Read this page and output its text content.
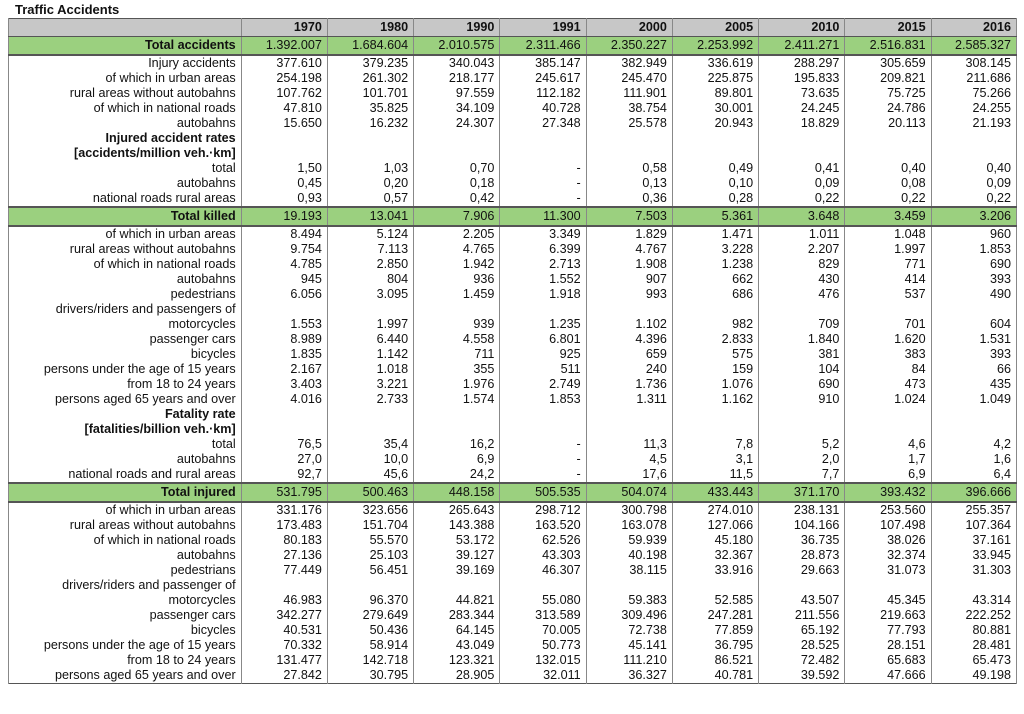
Traffic Accidents
	1970	1980	1990	1991	2000	2005	2010	2015	2016
Total accidents	1.392.007	1.684.604	2.010.575	2.311.466	2.350.227	2.253.992	2.411.271	2.516.831	2.585.327
Injury accidents	377.610	379.235	340.043	385.147	382.949	336.619	288.297	305.659	308.145
of which in urban areas	254.198	261.302	218.177	245.617	245.470	225.875	195.833	209.821	211.686
rural areas without autobahns	107.762	101.701	97.559	112.182	111.901	89.801	73.635	75.725	75.266
of which in national roads	47.810	35.825	34.109	40.728	38.754	30.001	24.245	24.786	24.255
autobahns	15.650	16.232	24.307	27.348	25.578	20.943	18.829	20.113	21.193
Injured accident rates									
[accidents/million veh.·km]									
total	1,50	1,03	0,70	-	0,58	0,49	0,41	0,40	0,40
autobahns	0,45	0,20	0,18	-	0,13	0,10	0,09	0,08	0,09
national roads rural areas	0,93	0,57	0,42	-	0,36	0,28	0,22	0,22	0,22
Total killed	19.193	13.041	7.906	11.300	7.503	5.361	3.648	3.459	3.206
of which in urban areas	8.494	5.124	2.205	3.349	1.829	1.471	1.011	1.048	960
rural areas without autobahns	9.754	7.113	4.765	6.399	4.767	3.228	2.207	1.997	1.853
of which in national roads	4.785	2.850	1.942	2.713	1.908	1.238	829	771	690
autobahns	945	804	936	1.552	907	662	430	414	393
pedestrians	6.056	3.095	1.459	1.918	993	686	476	537	490
drivers/riders and passengers of									
motorcycles	1.553	1.997	939	1.235	1.102	982	709	701	604
passenger cars	8.989	6.440	4.558	6.801	4.396	2.833	1.840	1.620	1.531
bicycles	1.835	1.142	711	925	659	575	381	383	393
persons under the age of 15 years	2.167	1.018	355	511	240	159	104	84	66
from 18 to 24 years	3.403	3.221	1.976	2.749	1.736	1.076	690	473	435
persons aged 65 years and over	4.016	2.733	1.574	1.853	1.311	1.162	910	1.024	1.049
Fatality rate									
[fatalities/billion veh.·km]									
total	76,5	35,4	16,2	-	11,3	7,8	5,2	4,6	4,2
autobahns	27,0	10,0	6,9	-	4,5	3,1	2,0	1,7	1,6
national roads and rural areas	92,7	45,6	24,2	-	17,6	11,5	7,7	6,9	6,4
Total injured	531.795	500.463	448.158	505.535	504.074	433.443	371.170	393.432	396.666
of which in urban areas	331.176	323.656	265.643	298.712	300.798	274.010	238.131	253.560	255.357
rural areas without autobahns	173.483	151.704	143.388	163.520	163.078	127.066	104.166	107.498	107.364
of which in national roads	80.183	55.570	53.172	62.526	59.939	45.180	36.735	38.026	37.161
autobahns	27.136	25.103	39.127	43.303	40.198	32.367	28.873	32.374	33.945
pedestrians	77.449	56.451	39.169	46.307	38.115	33.916	29.663	31.073	31.303
drivers/riders and passenger of									
motorcycles	46.983	96.370	44.821	55.080	59.383	52.585	43.507	45.345	43.314
passenger cars	342.277	279.649	283.344	313.589	309.496	247.281	211.556	219.663	222.252
bicycles	40.531	50.436	64.145	70.005	72.738	77.859	65.192	77.793	80.881
persons under the age of 15 years	70.332	58.914	43.049	50.773	45.141	36.795	28.525	28.151	28.481
from 18 to 24 years	131.477	142.718	123.321	132.015	111.210	86.521	72.482	65.683	65.473
persons aged 65 years and over	27.842	30.795	28.905	32.011	36.327	40.781	39.592	47.666	49.198
